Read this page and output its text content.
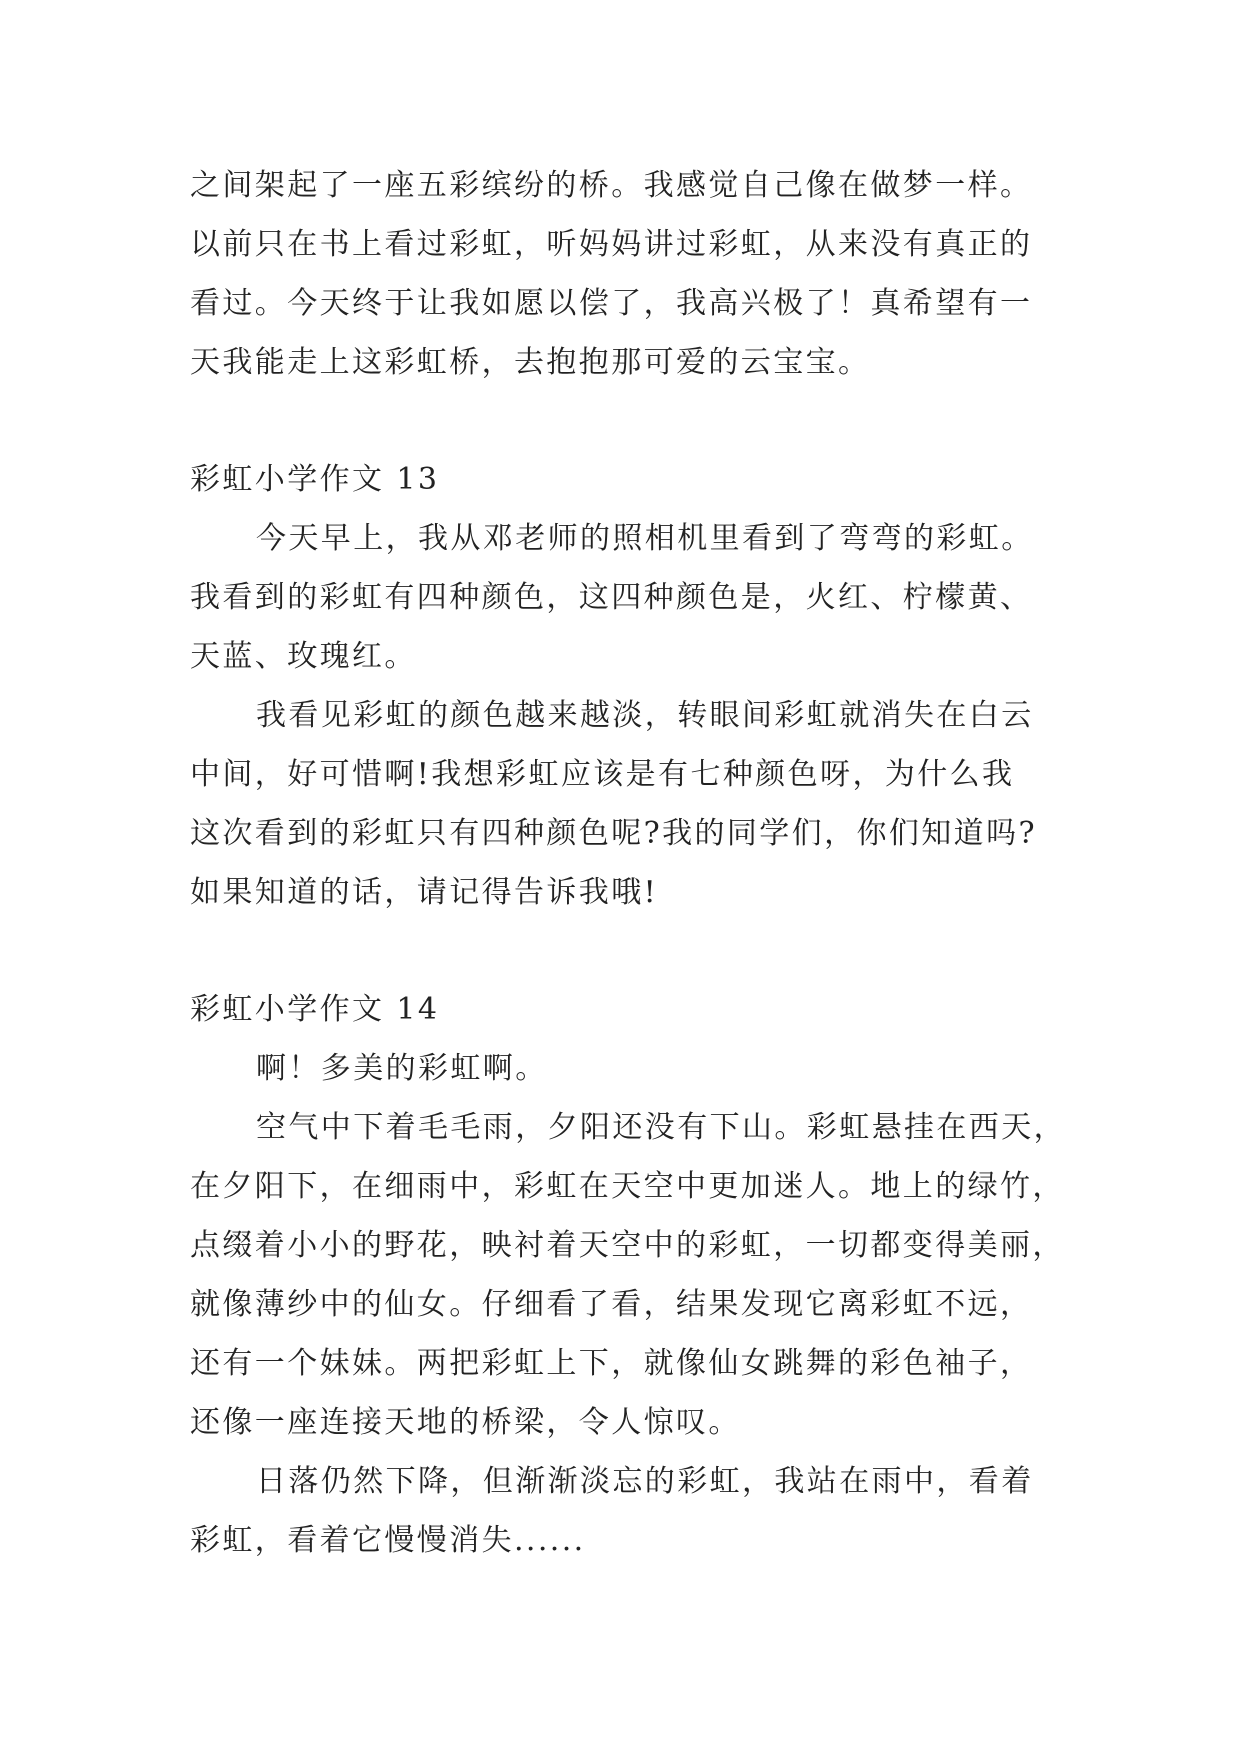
之间架起了一座五彩缤纷的桥。我感觉自己像在做梦一样。
以前只在书上看过彩虹，听妈妈讲过彩虹，从来没有真正的
看过。今天终于让我如愿以偿了，我高兴极了！真希望有一
天我能走上这彩虹桥，去抱抱那可爱的云宝宝。
彩虹小学作文 13
今天早上，我从邓老师的照相机里看到了弯弯的彩虹。
我看到的彩虹有四种颜色，这四种颜色是，火红、柠檬黄、
天蓝、玫瑰红。
我看见彩虹的颜色越来越淡，转眼间彩虹就消失在白云
中间，好可惜啊!我想彩虹应该是有七种颜色呀，为什么我
这次看到的彩虹只有四种颜色呢?我的同学们，你们知道吗?
如果知道的话，请记得告诉我哦!
彩虹小学作文 14
啊！多美的彩虹啊。
空气中下着毛毛雨，夕阳还没有下山。彩虹悬挂在西天，
在夕阳下，在细雨中，彩虹在天空中更加迷人。地上的绿竹，
点缀着小小的野花，映衬着天空中的彩虹，一切都变得美丽，
就像薄纱中的仙女。仔细看了看，结果发现它离彩虹不远，
还有一个妹妹。两把彩虹上下，就像仙女跳舞的彩色袖子，
还像一座连接天地的桥梁，令人惊叹。
日落仍然下降，但渐渐淡忘的彩虹，我站在雨中，看着
彩虹，看着它慢慢消失......
